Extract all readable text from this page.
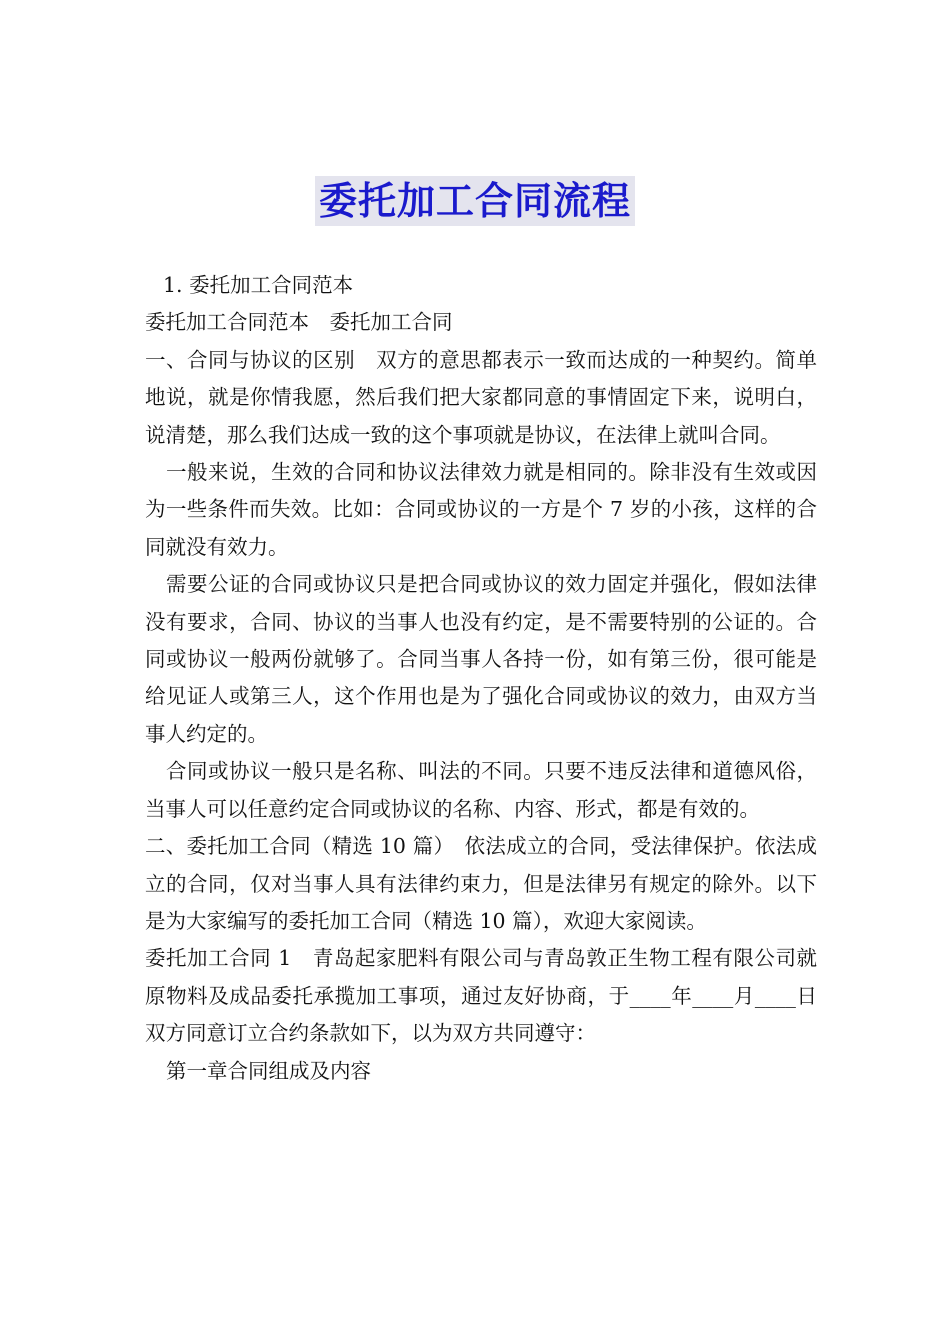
委托加工合同流程

1. 委托加工合同范本

委托加工合同范本　委托加工合同

一、合同与协议的区别　双方的意思都表示一致而达成的一种契约。简单地说，就是你情我愿，然后我们把大家都同意的事情固定下来，说明白，说清楚，那么我们达成一致的这个事项就是协议，在法律上就叫合同。

一般来说，生效的合同和协议法律效力就是相同的。除非没有生效或因为一些条件而失效。比如：合同或协议的一方是个 7 岁的小孩，这样的合同就没有效力。

需要公证的合同或协议只是把合同或协议的效力固定并强化，假如法律没有要求，合同、协议的当事人也没有约定，是不需要特别的公证的。合同或协议一般两份就够了。合同当事人各持一份，如有第三份，很可能是给见证人或第三人，这个作用也是为了强化合同或协议的效力，由双方当事人约定的。

合同或协议一般只是名称、叫法的不同。只要不违反法律和道德风俗，当事人可以任意约定合同或协议的名称、内容、形式，都是有效的。

二、委托加工合同（精选 10 篇）　依法成立的合同，受法律保护。依法成立的合同，仅对当事人具有法律约束力，但是法律另有规定的除外。以下是为大家编写的委托加工合同（精选 10 篇），欢迎大家阅读。

委托加工合同 1　青岛起家肥料有限公司与青岛敦正生物工程有限公司就原物料及成品委托承揽加工事项，通过友好协商，于____年____月____日双方同意订立合约条款如下，以为双方共同遵守：

第一章合同组成及内容
